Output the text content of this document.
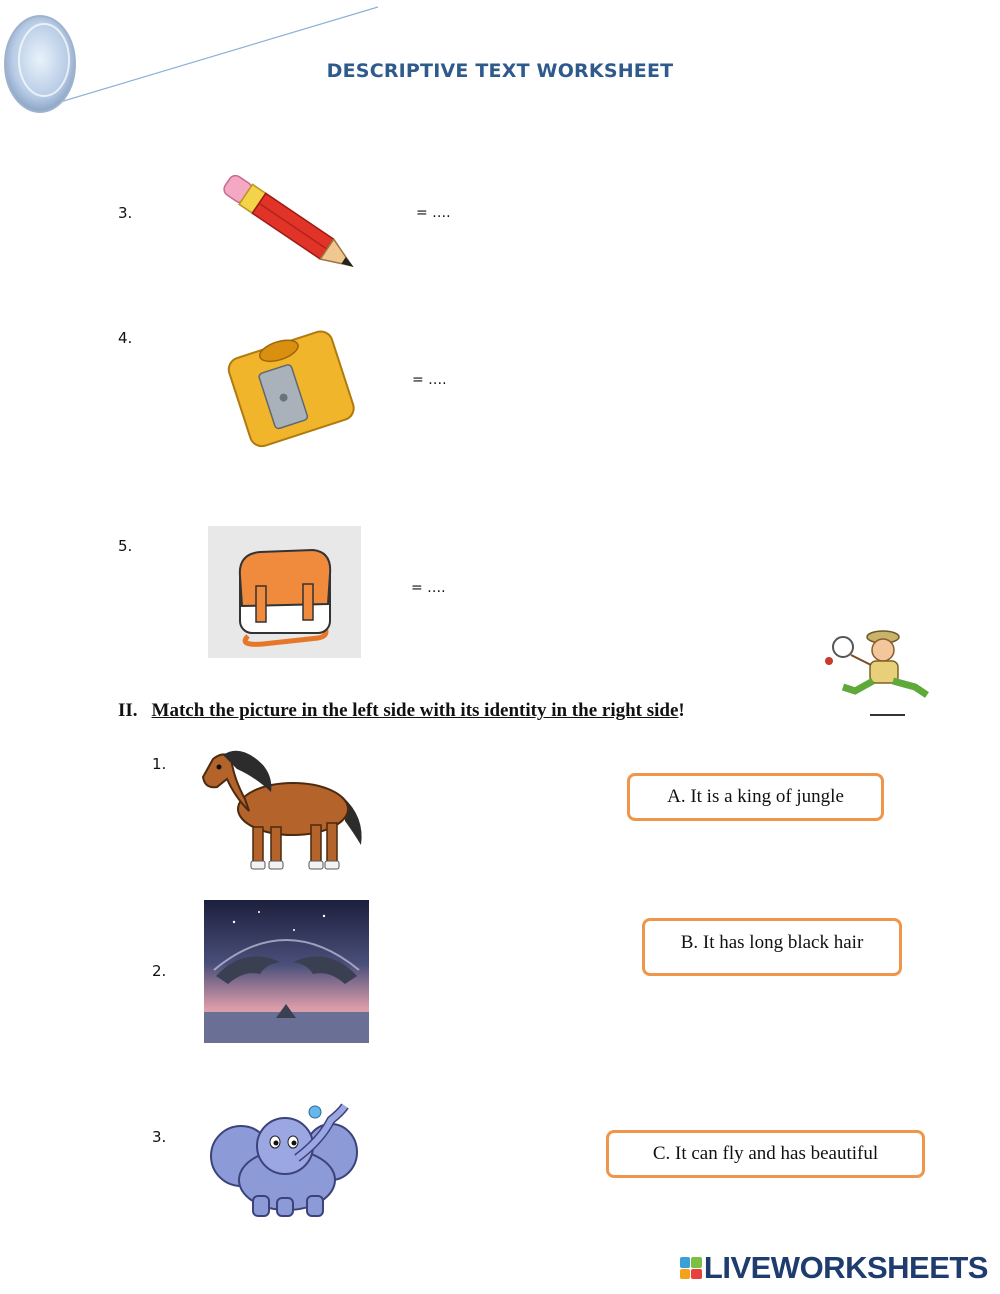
DESCRIPTIVE TEXT WORKSHEET
3.	= ….
4.
= ….
5.
= ….
II. Match the picture in the left side with its identity in the right side!
1.
2.
3.
A. It is a king of jungle
B. It has long black hair
C. It can fly and has beautiful
LIVEWORKSHEETS
